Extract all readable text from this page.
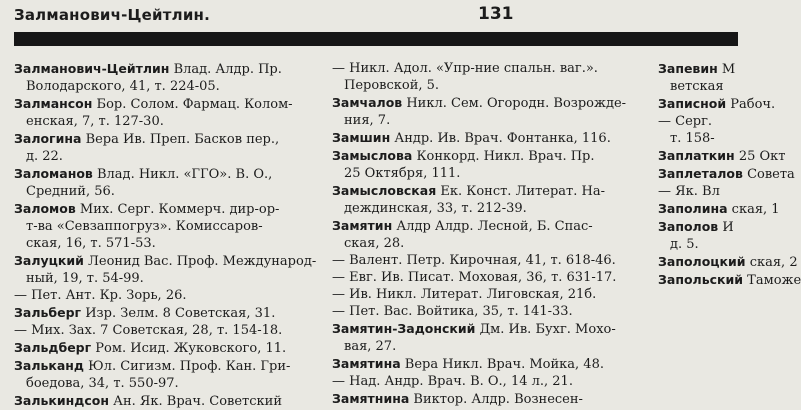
Залманович-Цейтлин.	131
Залманович-Цейтлин Влад. Алдр. Пр.
Володарского, 41, т. 224-05.
Залмансон Бор. Солом. Фармац. Колом-
енская, 7, т. 127-30.
Залогина Вера Ив. Преп. Басков пер.,
д. 22.
Заломанов Влад. Никл. «ГГО». В. О.,
Средний, 56.
Заломов Мих. Серг. Коммерч. дир-ор-
т-ва «Севзаппогруз». Комиссаров-
ская, 16, т. 571-53.
Залуцкий Леонид Вас. Проф. Международ-
ный, 19, т. 54-99.
— Пет. Ант. Кр. Зорь, 26.
Зальберг Изр. Зелм. 8 Советская, 31.
— Мих. Зах. 7 Советская, 28, т. 154-18.
Зальдберг Ром. Исид. Жуковского, 11.
Зальканд Юл. Сигизм. Проф. Кан. Гри-
боедова, 34, т. 550-97.
Залькиндсон Ан. Як. Врач. Советский
— Никл. Адол. «Упр-ние спальн. ваг.».
Перовской, 5.
Замчалов Никл. Сем. Огородн. Возрожде-
ния, 7.
Замшин Андр. Ив. Врач. Фонтанка, 116.
Замыслова Конкорд. Никл. Врач. Пр.
25 Октября, 111.
Замысловская Ек. Конст. Литерат. На-
деждинская, 33, т. 212-39.
Замятин Алдр Алдр. Лесной, Б. Спас-
ская, 28.
— Валент. Петр. Кирочная, 41, т. 618-46.
— Евг. Ив. Писат. Моховая, 36, т. 631-17.
— Ив. Никл. Литерат. Лиговская, 21б.
— Пет. Вас. Войтика, 35, т. 141-33.
Замятин-Задонский Дм. Ив. Бухг. Мохо-
вая, 27.
Замятина Вера Никл. Врач. Мойка, 48.
— Над. Андр. Врач. В. О., 14 л., 21.
Замятнина Виктор. Алдр. Вознесен-
Запевин М
ветская
Записной Рабоч.
— Серг.
т. 158-
Заплаткин 25 Окт
Заплеталов Совета
— Як. Вл
Заполина ская, 1
Заполов И
д. 5.
Заполоцкий ская, 2
Запольский Таможе
